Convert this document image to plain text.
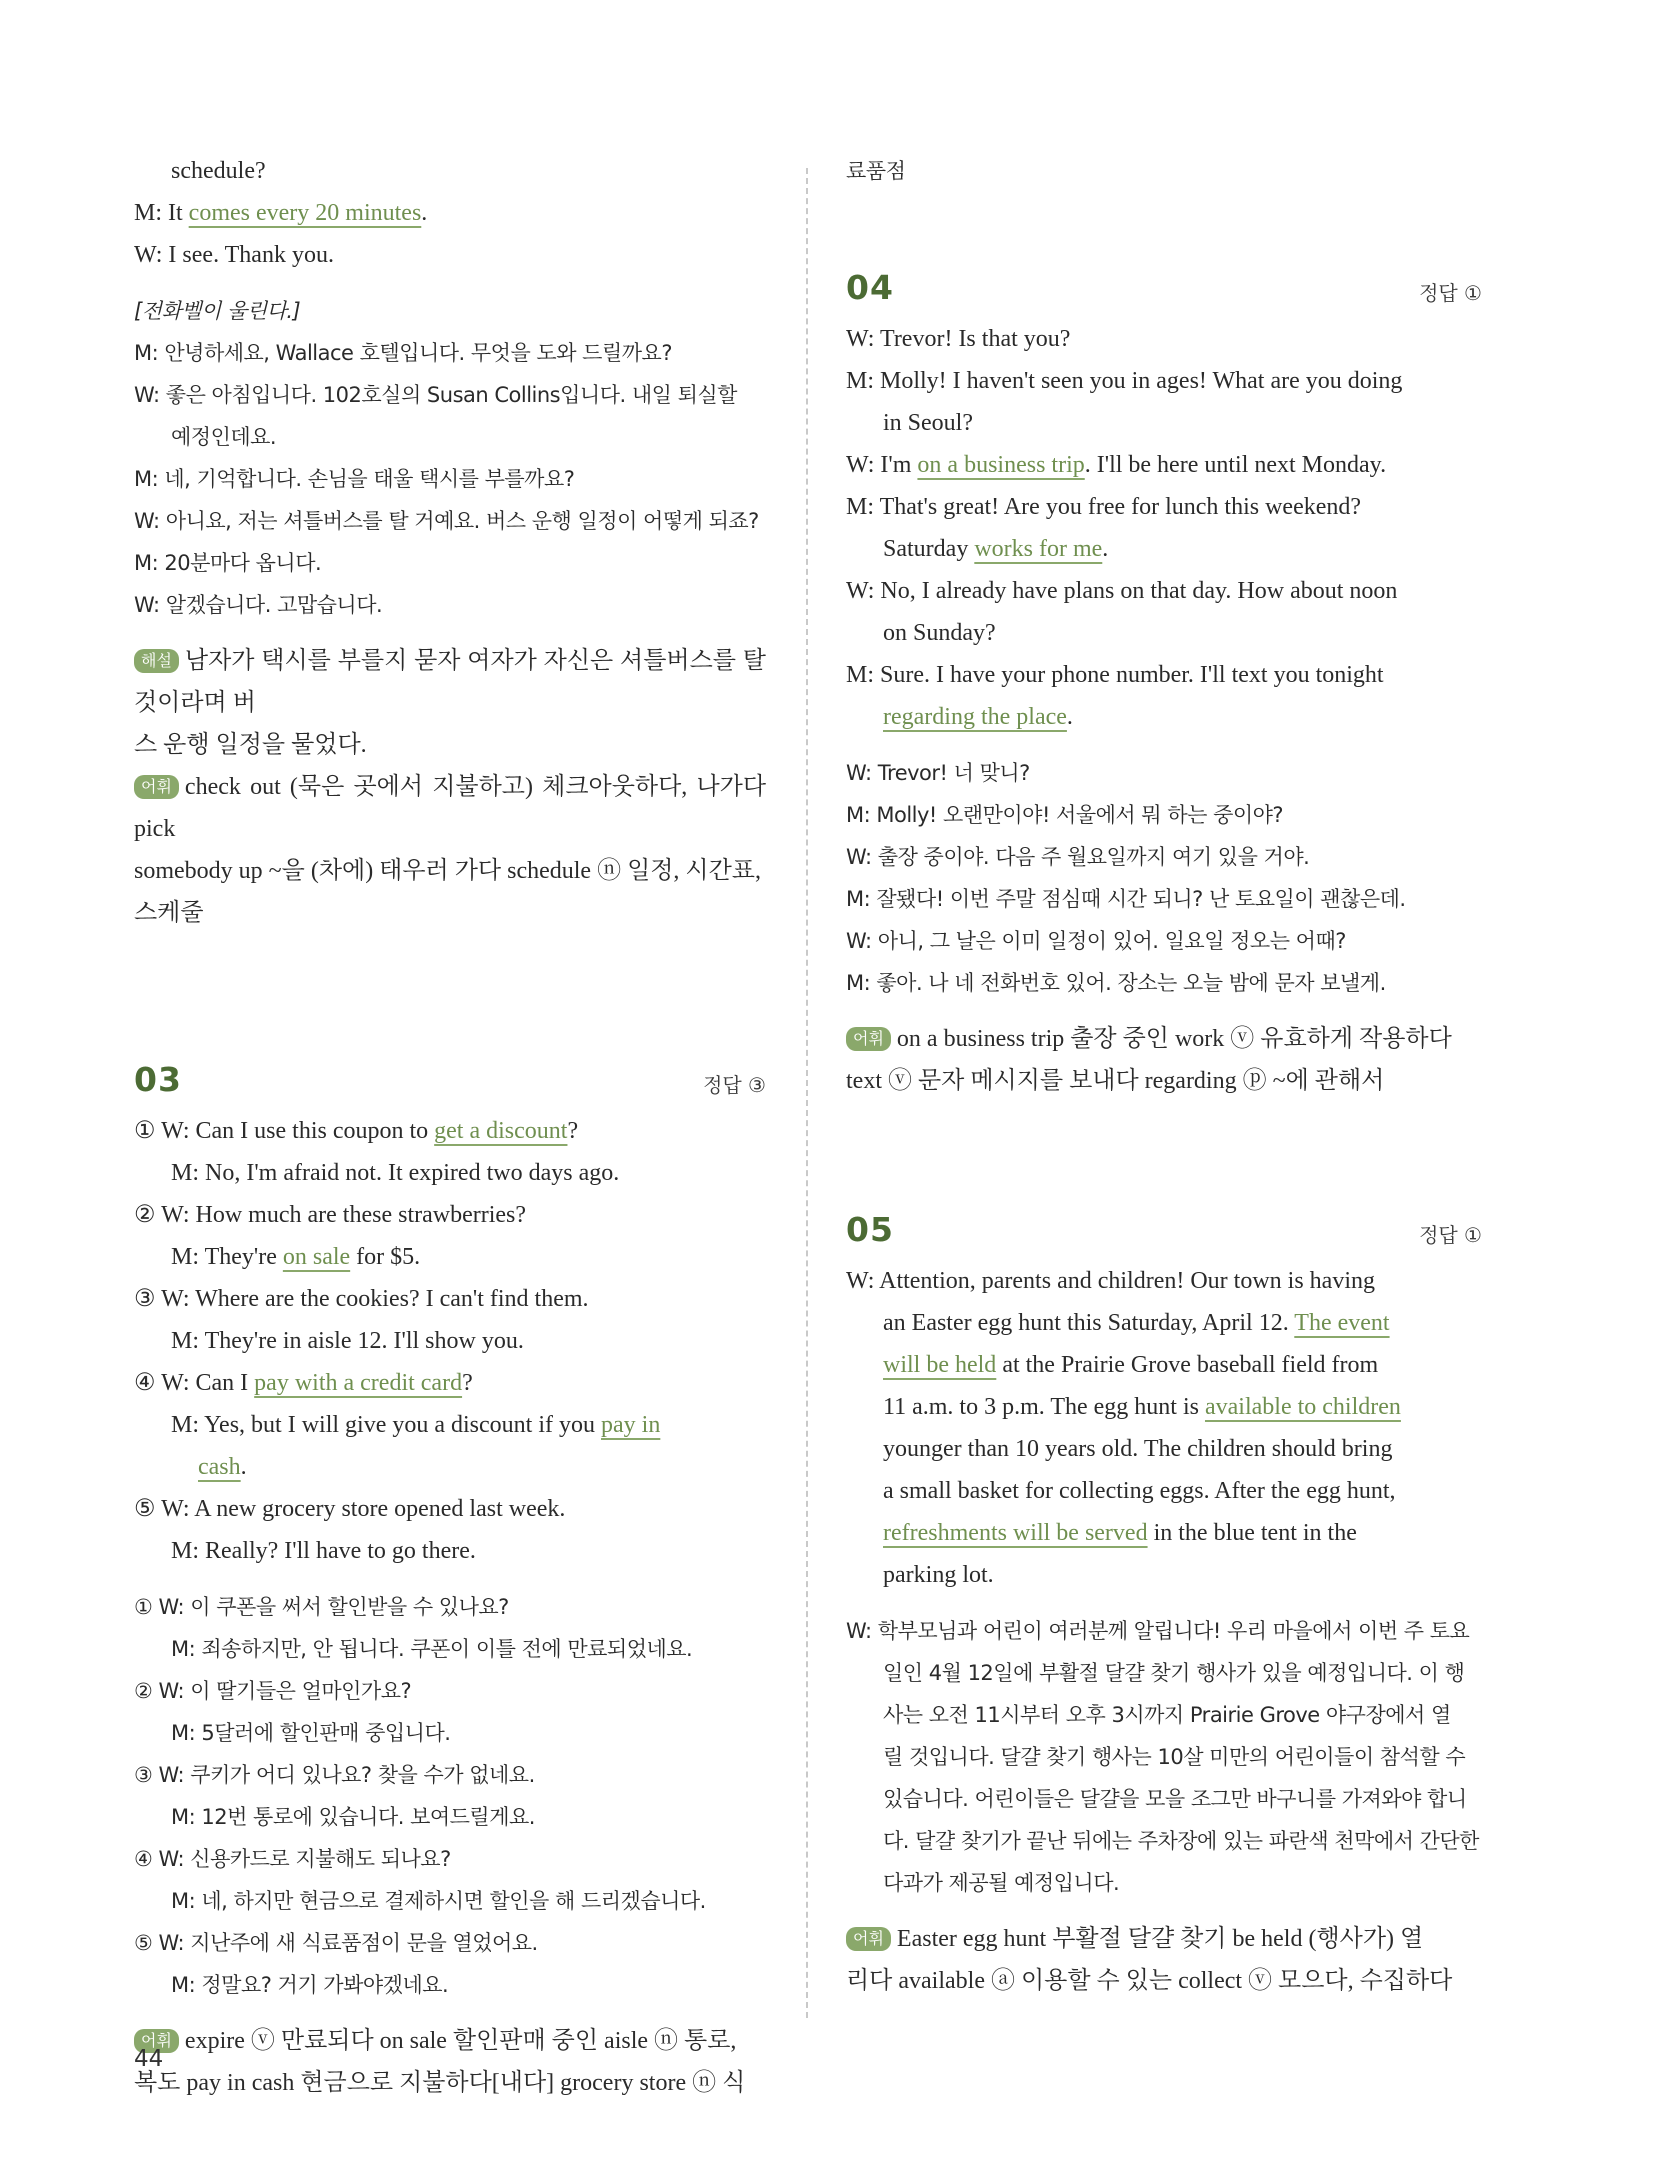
schedule?

M: It comes every 20 minutes.

W: I see. Thank you.

[전화벨이 울린다.]

M: 안녕하세요, Wallace 호텔입니다. 무엇을 도와 드릴까요?

W: 좋은 아침입니다. 102호실의 Susan Collins입니다. 내일 퇴실할

예정인데요.

M: 네, 기억합니다. 손님을 태울 택시를 부를까요?

W: 아니요, 저는 셔틀버스를 탈 거예요. 버스 운행 일정이 어떻게 되죠?

M: 20분마다 옵니다.

W: 알겠습니다. 고맙습니다.

해설 남자가 택시를 부를지 묻자 여자가 자신은 셔틀버스를 탈 것이라며 버

스 운행 일정을 물었다.

어휘 check out (묵은 곳에서 지불하고) 체크아웃하다, 나가다 pick

somebody up ~을 (차에) 태우러 가다 schedule ⓝ 일정, 시간표,

스케줄

03	정답 ③

① W: Can I use this coupon to get a discount?

M: No, I'm afraid not. It expired two days ago.

② W: How much are these strawberries?

M: They're on sale for $5.

③ W: Where are the cookies? I can't find them.

M: They're in aisle 12. I'll show you.

④ W: Can I pay with a credit card?

M: Yes, but I will give you a discount if you pay in

cash.

⑤ W: A new grocery store opened last week.

M: Really? I'll have to go there.

① W: 이 쿠폰을 써서 할인받을 수 있나요?

M: 죄송하지만, 안 됩니다. 쿠폰이 이틀 전에 만료되었네요.

② W: 이 딸기들은 얼마인가요?

M: 5달러에 할인판매 중입니다.

③ W: 쿠키가 어디 있나요? 찾을 수가 없네요.

M: 12번 통로에 있습니다. 보여드릴게요.

④ W: 신용카드로 지불해도 되나요?

M: 네, 하지만 현금으로 결제하시면 할인을 해 드리겠습니다.

⑤ W: 지난주에 새 식료품점이 문을 열었어요.

M: 정말요? 거기 가봐야겠네요.

어휘 expire ⓥ 만료되다 on sale 할인판매 중인 aisle ⓝ 통로,

복도 pay in cash 현금으로 지불하다[내다] grocery store ⓝ 식

료품점

04	정답 ①

W: Trevor! Is that you?

M: Molly! I haven't seen you in ages! What are you doing

in Seoul?

W: I'm on a business trip. I'll be here until next Monday.

M: That's great! Are you free for lunch this weekend?

Saturday works for me.

W: No, I already have plans on that day. How about noon

on Sunday?

M: Sure. I have your phone number. I'll text you tonight

regarding the place.

W: Trevor! 너 맞니?

M: Molly! 오랜만이야! 서울에서 뭐 하는 중이야?

W: 출장 중이야. 다음 주 월요일까지 여기 있을 거야.

M: 잘됐다! 이번 주말 점심때 시간 되니? 난 토요일이 괜찮은데.

W: 아니, 그 날은 이미 일정이 있어. 일요일 정오는 어때?

M: 좋아. 나 네 전화번호 있어. 장소는 오늘 밤에 문자 보낼게.

어휘 on a business trip 출장 중인 work ⓥ 유효하게 작용하다

text ⓥ 문자 메시지를 보내다 regarding ⓟ ~에 관해서

05	정답 ①

W: Attention, parents and children! Our town is having

an Easter egg hunt this Saturday, April 12. The event

will be held at the Prairie Grove baseball field from

11 a.m. to 3 p.m. The egg hunt is available to children

younger than 10 years old. The children should bring

a small basket for collecting eggs. After the egg hunt,

refreshments will be served in the blue tent in the

parking lot.

W: 학부모님과 어린이 여러분께 알립니다! 우리 마을에서 이번 주 토요

일인 4월 12일에 부활절 달걀 찾기 행사가 있을 예정입니다. 이 행

사는 오전 11시부터 오후 3시까지 Prairie Grove 야구장에서 열

릴 것입니다. 달걀 찾기 행사는 10살 미만의 어린이들이 참석할 수

있습니다. 어린이들은 달걀을 모을 조그만 바구니를 가져와야 합니

다. 달걀 찾기가 끝난 뒤에는 주차장에 있는 파란색 천막에서 간단한

다과가 제공될 예정입니다.

어휘 Easter egg hunt 부활절 달걀 찾기 be held (행사가) 열

리다 available ⓐ 이용할 수 있는 collect ⓥ 모으다, 수집하다

44
